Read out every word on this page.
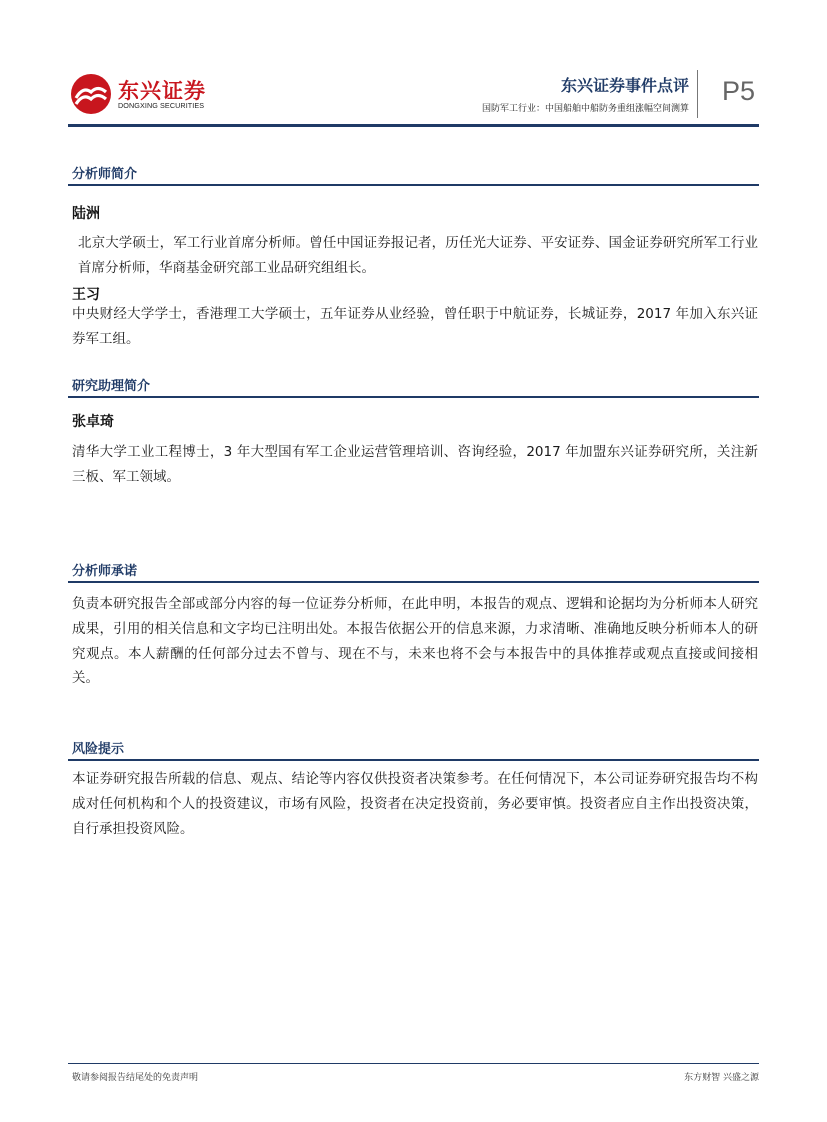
东兴证券
DONGXING SECURITIES
东兴证券事件点评
国防军工行业：中国船舶中船防务重组涨幅空间测算
P5
分析师简介
陆洲
北京大学硕士，军工行业首席分析师。曾任中国证券报记者，历任光大证券、平安证券、国金证券研究所军工行业首席分析师，华商基金研究部工业品研究组组长。
王习
中央财经大学学士，香港理工大学硕士，五年证券从业经验，曾任职于中航证券，长城证券，2017 年加入东兴证券军工组。
研究助理简介
张卓琦
清华大学工业工程博士，3 年大型国有军工企业运营管理培训、咨询经验，2017 年加盟东兴证券研究所，关注新三板、军工领域。
分析师承诺
负责本研究报告全部或部分内容的每一位证券分析师，在此申明，本报告的观点、逻辑和论据均为分析师本人研究成果，引用的相关信息和文字均已注明出处。本报告依据公开的信息来源，力求清晰、准确地反映分析师本人的研究观点。本人薪酬的任何部分过去不曾与、现在不与，未来也将不会与本报告中的具体推荐或观点直接或间接相关。
风险提示
本证券研究报告所载的信息、观点、结论等内容仅供投资者决策参考。在任何情况下，本公司证券研究报告均不构成对任何机构和个人的投资建议，市场有风险，投资者在决定投资前，务必要审慎。投资者应自主作出投资决策，自行承担投资风险。
敬请参阅报告结尾处的免责声明	东方财智 兴盛之源
